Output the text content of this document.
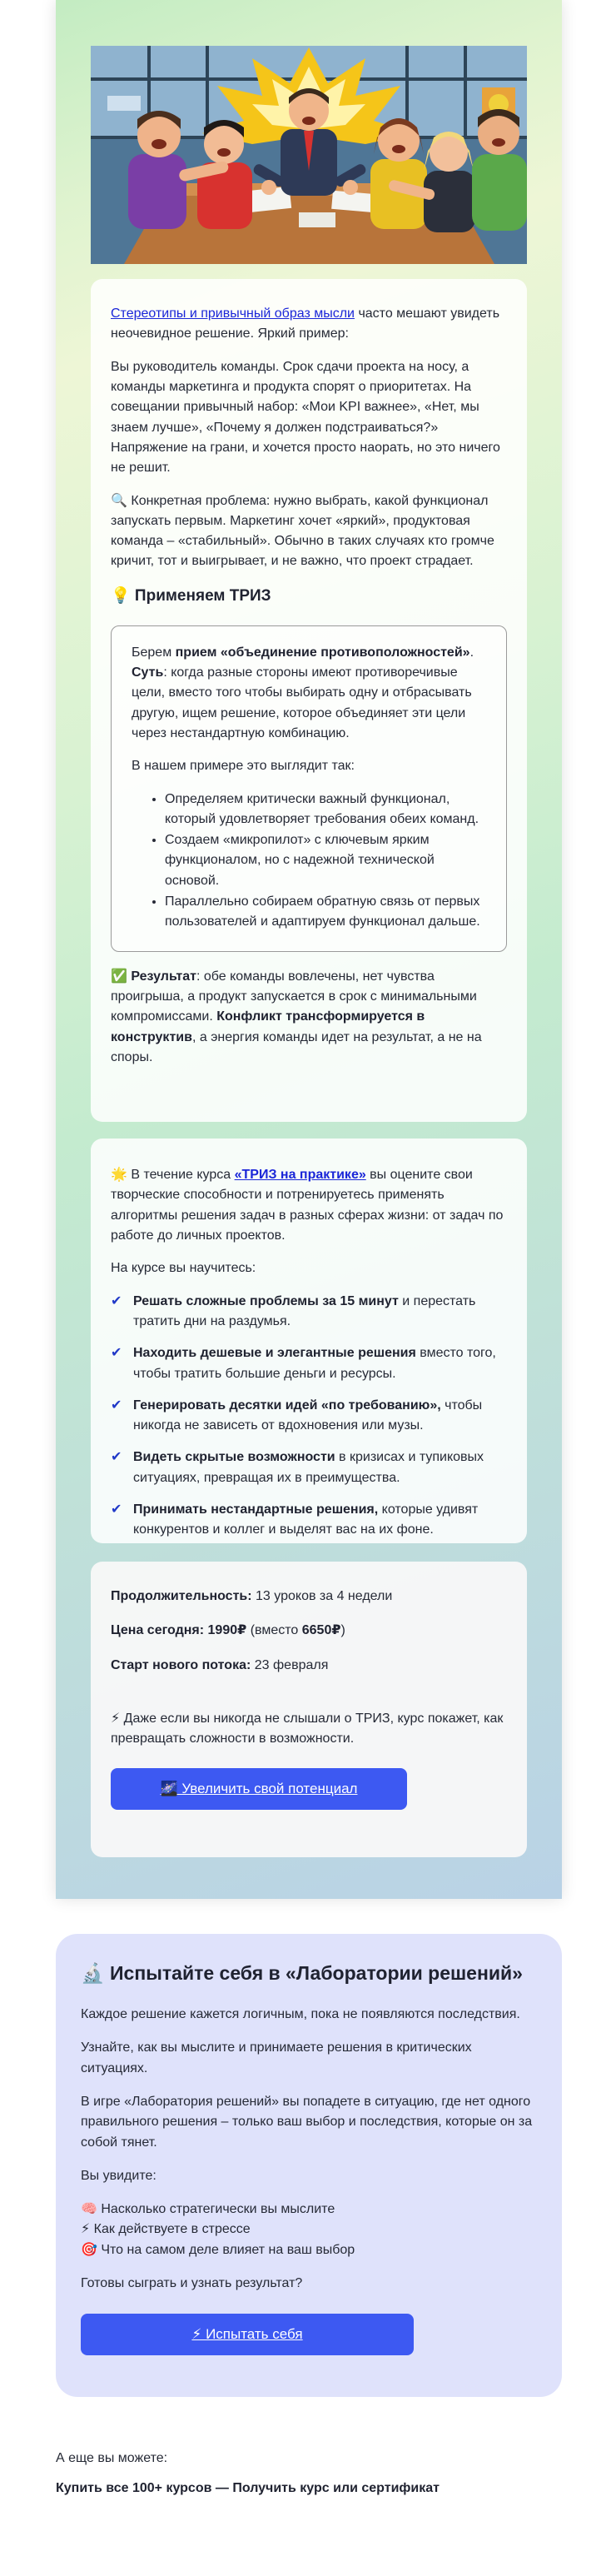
Стереотипы и привычный образ мысли часто мешают увидеть неочевидное решение. Яркий пример:

Вы руководитель команды. Срок сдачи проекта на носу, а команды маркетинга и продукта спорят о приоритетах. На совещании привычный набор: «Мои KPI важнее», «Нет, мы знаем лучше», «Почему я должен подстраиваться?» Напряжение на грани, и хочется просто наорать, но это ничего не решит.

🔍 Конкретная проблема: нужно выбрать, какой функционал запускать первым. Маркетинг хочет «яркий», продуктовая команда – «стабильный». Обычно в таких случаях кто громче кричит, тот и выигрывает, и не важно, что проект страдает.

💡 Применяем ТРИЗ

Берем прием «объединение противоположностей». Суть: когда разные стороны имеют противоречивые цели, вместо того чтобы выбирать одну и отбрасывать другую, ищем решение, которое объединяет эти цели через нестандартную комбинацию.

В нашем примере это выглядит так:

• Определяем критически важный функционал, который удовлетворяет требования обеих команд.
• Создаем «микропилот» с ключевым ярким функционалом, но с надежной технической основой.
• Параллельно собираем обратную связь от первых пользователей и адаптируем функционал дальше.

✅ Результат: обе команды вовлечены, нет чувства проигрыша, а продукт запускается в срок с минимальными компромиссами. Конфликт трансформируется в конструктив, а энергия команды идет на результат, а не на споры.

🌟 В течение курса «ТРИЗ на практике» вы оцените свои творческие способности и потренируетесь применять алгоритмы решения задач в разных сферах жизни: от задач по работе до личных проектов.

На курсе вы научитесь:

✔ Решать сложные проблемы за 15 минут и перестать тратить дни на раздумья.
✔ Находить дешевые и элегантные решения вместо того, чтобы тратить большие деньги и ресурсы.
✔ Генерировать десятки идей «по требованию», чтобы никогда не зависеть от вдохновения или музы.
✔ Видеть скрытые возможности в кризисах и тупиковых ситуациях, превращая их в преимущества.
✔ Принимать нестандартные решения, которые удивят конкурентов и коллег и выделят вас на их фоне.

Продолжительность: 13 уроков за 4 недели

Цена сегодня: 1990₽ (вместо 6650₽)

Старт нового потока: 23 февраля

⚡ Даже если вы никогда не слышали о ТРИЗ, курс покажет, как превращать сложности в возможности.

🌌 Увеличить свой потенциал
🔬 Испытайте себя в «Лаборатории решений»

Каждое решение кажется логичным, пока не появляются последствия.

Узнайте, как вы мыслите и принимаете решения в критических ситуациях.

В игре «Лаборатория решений» вы попадете в ситуацию, где нет одного правильного решения – только ваш выбор и последствия, которые он за собой тянет.

Вы увидите:

🧠 Насколько стратегически вы мыслите
⚡ Как действуете в стрессе
🎯 Что на самом деле влияет на ваш выбор

Готовы сыграть и узнать результат?

⚡ Испытать себя

А еще вы можете:

Купить все 100+ курсов — Получить курс или сертификат
